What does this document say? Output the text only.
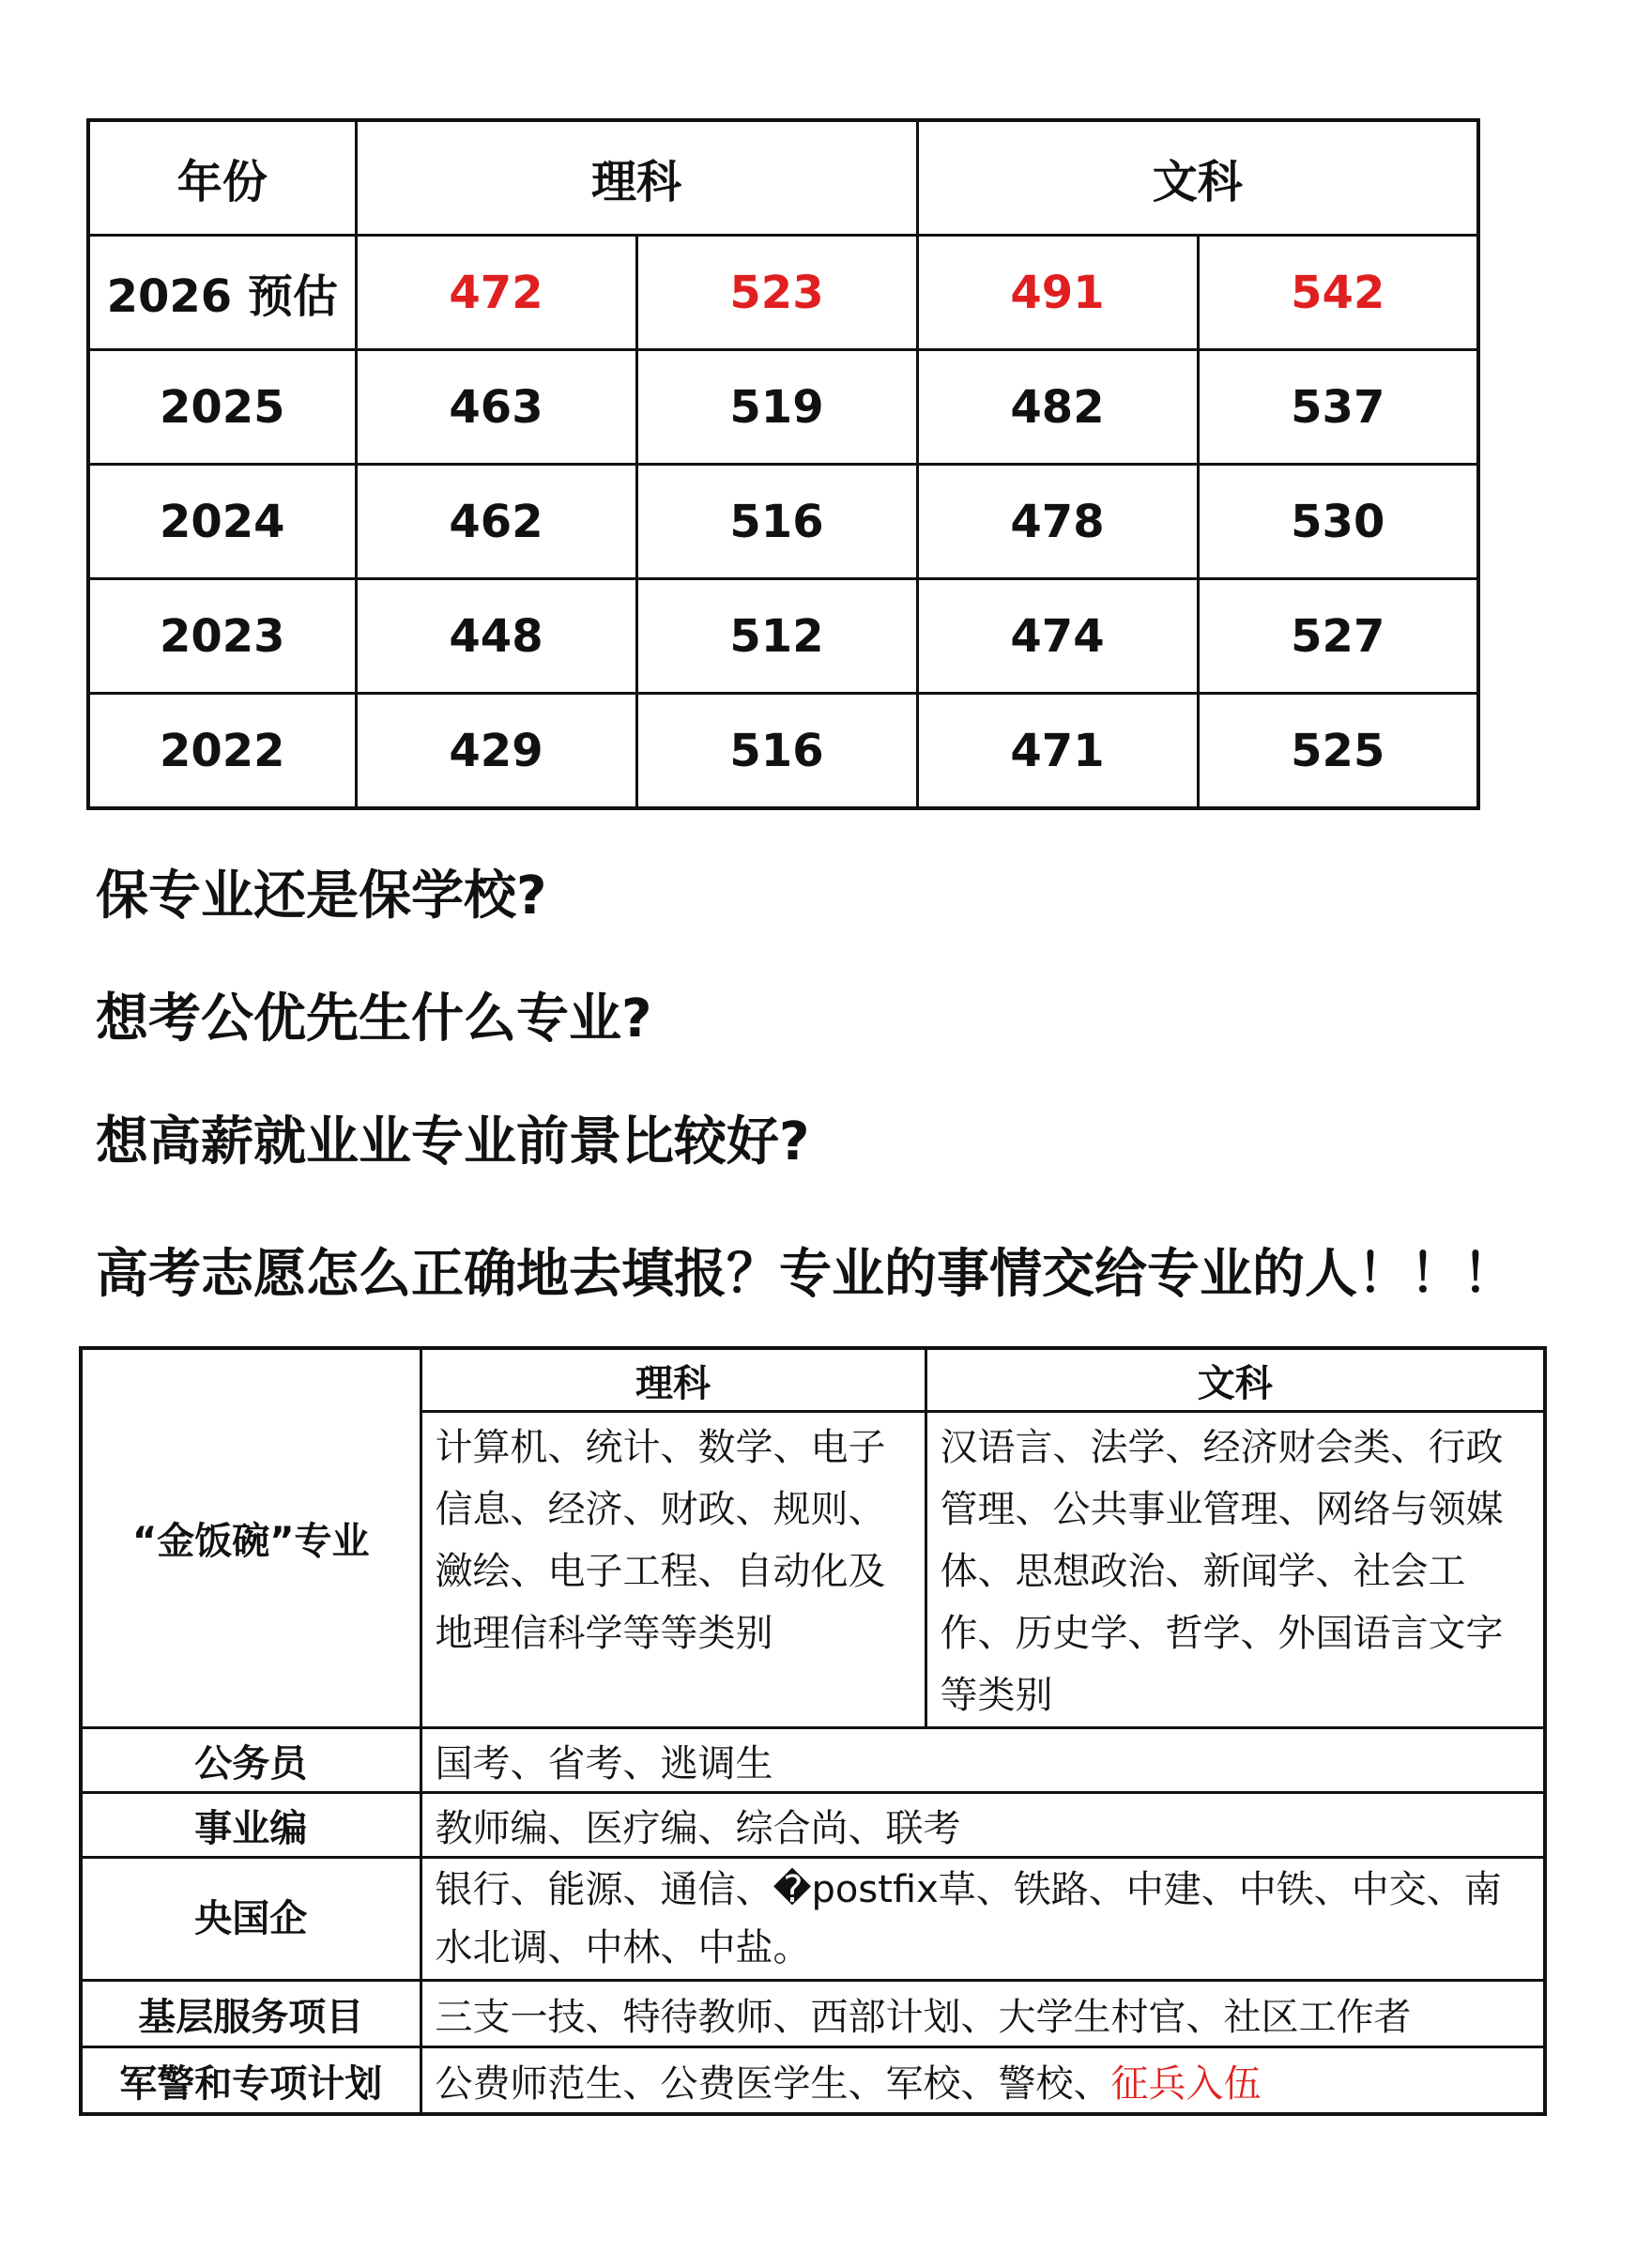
年份	理科		文科	
2026 预估	472	523	491	542
2025	463	519	482	537
2024	462	516	478	530
2023	448	512	474	527
2022	429	516	471	525

保专业还是保学校?

想考公优先生什么专业?

想高薪就业业专业前景比较好?

高考志愿怎么正确地去填报？专业的事情交给专业的人！！！

“金饭碗”专业	理科	文科
	计算机、统计、数学、电子信息、经济、财政、规则、瀲绘、电子工程、自动化及地理信科学等等类别	汉语言、法学、经济财会类、行政管理、公共事业管理、网络与领媒体、思想政治、新闻学、社会工作、历史学、哲学、外国语言文字等类别
公务员	国考、省考、逃调生	
事业编	教师编、医疗编、综合尚、联考	
央国企	银行、能源、通信、�postfix草、铁路、中建、中铁、中交、南水北调、中林、中盐。	
基层服务项目	三支一技、特待教师、西部计划、大学生村官、社区工作者	
军警和专项计划	公费师范生、公费医学生、军校、警校、征兵入伍	
